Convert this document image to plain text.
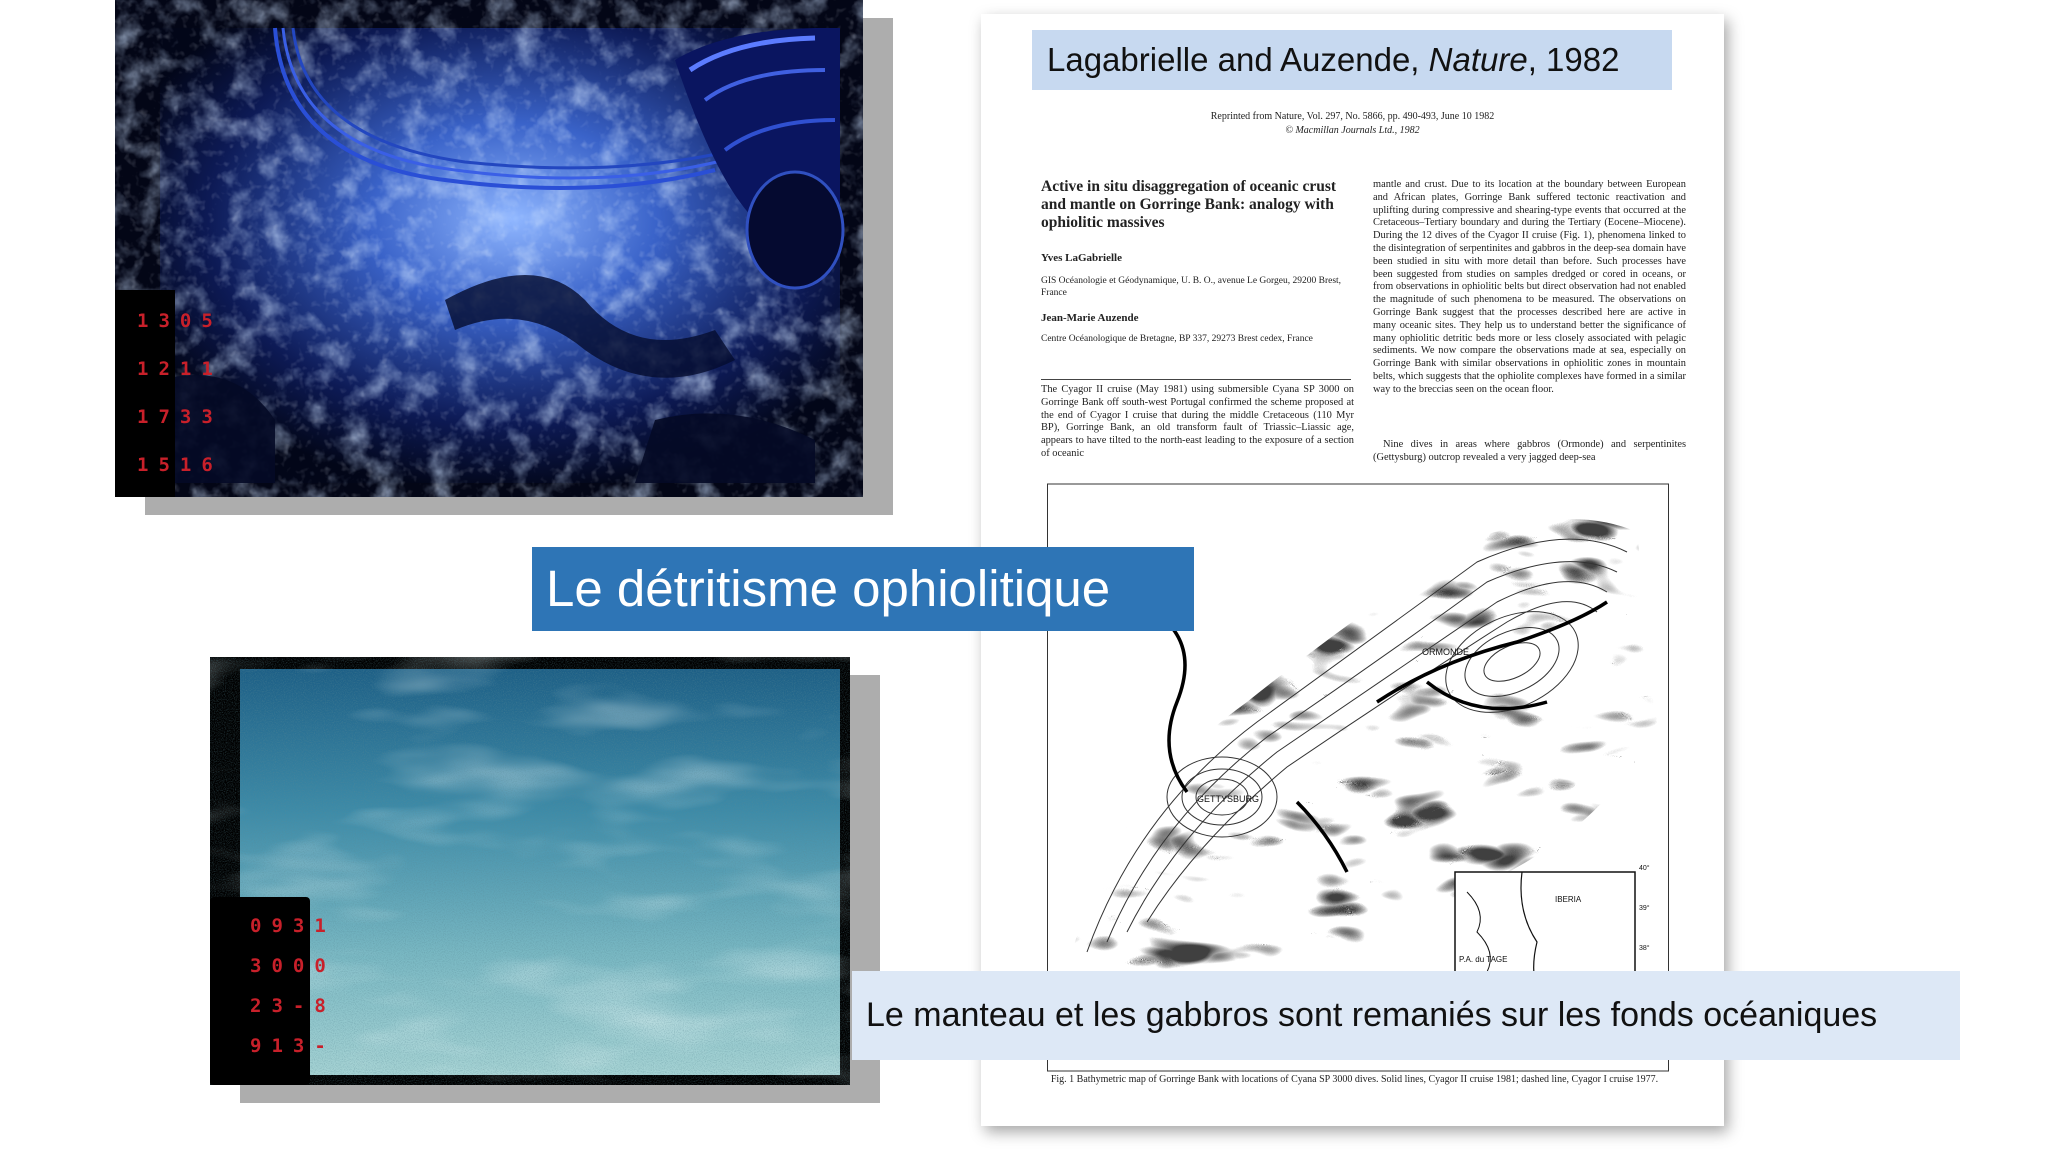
1305
1211
1733
1516
0931
3000
23-8
913-
Reprinted from Nature, Vol. 297, No. 5866, pp. 490-493, June 10 1982
© Macmillan Journals Ltd., 1982
Active in situ disaggregation of oceanic crust and mantle on Gorringe Bank: analogy with ophiolitic massives
Yves LaGabrielle
GIS Océanologie et Géodynamique, U. B. O., avenue Le Gorgeu, 29200 Brest, France
Jean-Marie Auzende
Centre Océanologique de Bretagne, BP 337, 29273 Brest cedex, France

The Cyagor II cruise (May 1981) using submersible Cyana SP 3000 on Gorringe Bank off south-west Portugal confirmed the scheme proposed at the end of Cyagor I cruise that during the middle Cretaceous (110 Myr BP), Gorringe Bank, an old transform fault of Triassic–Liassic age, appears to have tilted to the north-east leading to the exposure of a section of oceanic

mantle and crust. Due to its location at the boundary between European and African plates, Gorringe Bank suffered tectonic reactivation and uplifting during compressive and shearing-type events that occurred at the Cretaceous–Tertiary boundary and during the Tertiary (Eocene–Miocene). During the 12 dives of the Cyagor II cruise (Fig. 1), phenomena linked to the disintegration of serpentinites and gabbros in the deep-sea domain have been studied in situ with more detail than before. Such processes have been suggested from studies on samples dredged or cored in oceans, or from observations in ophiolitic belts but direct observation had not enabled the magnitude of such phenomena to be measured. The observations on Gorringe Bank suggest that the processes described here are active in many oceanic sites. They help us to understand better the significance of many ophiolitic detritic beds more or less closely associated with pelagic sediments. We now compare the observations made at sea, especially on Gorringe Bank with similar observations in ophiolitic zones in mountain belts, which suggests that the ophiolite complexes have formed in a similar way to the breccias seen on the ocean floor.

Nine dives in areas where gabbros (Ormonde) and serpentinites (Gettysburg) outcrop revealed a very jagged deep-sea

ORMONDE
GETTYSBURG
IBERIA
P.A. du TAGE
40°
39°
38°
Fig. 1 Bathymetric map of Gorringe Bank with locations of Cyana SP 3000 dives. Solid lines, Cyagor II cruise 1981; dashed line, Cyagor I cruise 1977.
Lagabrielle and Auzende, Nature, 1982
Le détritisme ophiolitique
Le manteau et les gabbros sont remaniés sur les fonds océaniques
